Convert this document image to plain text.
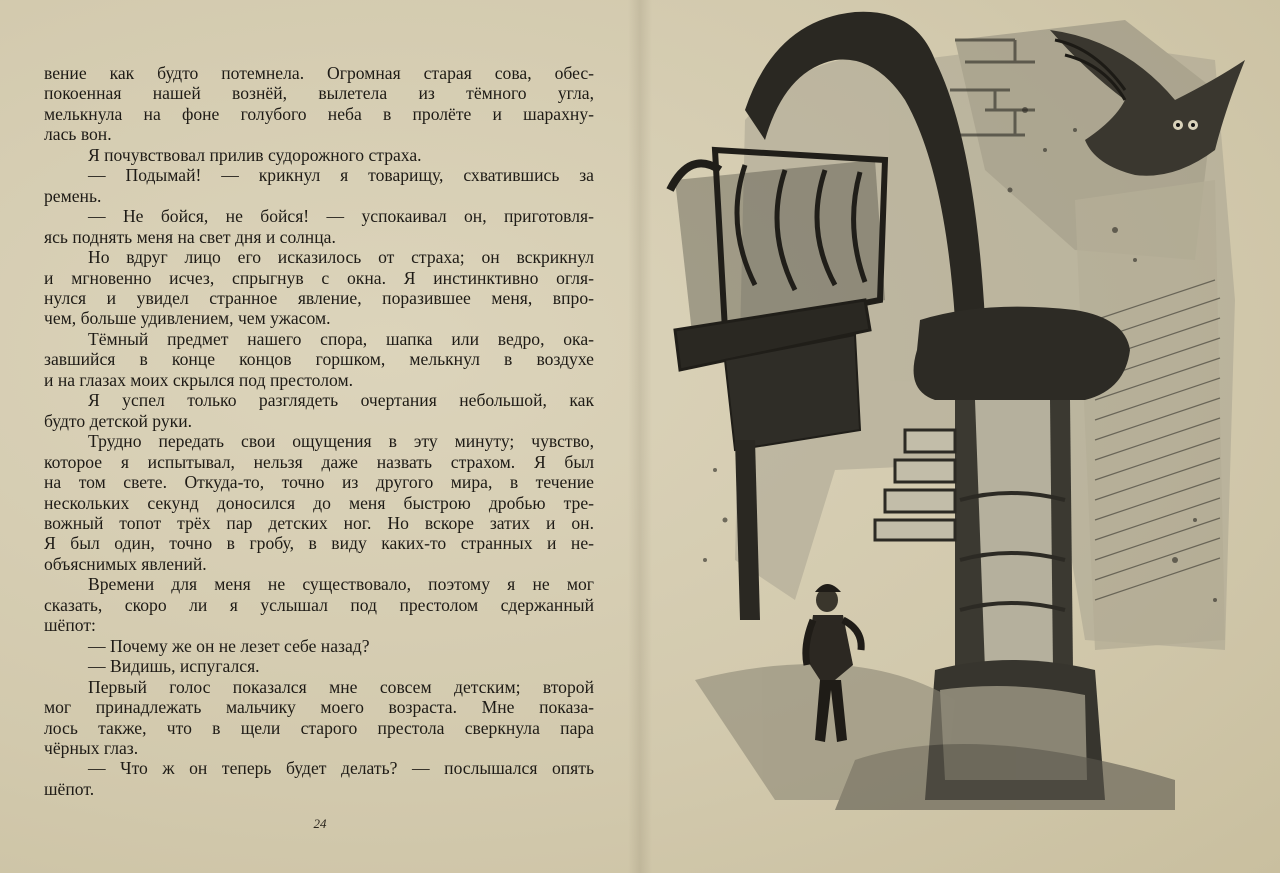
вение как будто потемнела. Огромная старая сова, обес-

покоенная нашей вознёй, вылетела из тёмного угла,

мелькнула на фоне голубого неба в пролёте и шарахну-

лась вон.

Я почувствовал прилив судорожного страха.

— Подымай! — крикнул я товарищу, схватившись за

ремень.

— Не бойся, не бойся! — успокаивал он, приготовля-

ясь поднять меня на свет дня и солнца.

Но вдруг лицо его исказилось от страха; он вскрикнул

и мгновенно исчез, спрыгнув с окна. Я инстинктивно огля-

нулся и увидел странное явление, поразившее меня, впро-

чем, больше удивлением, чем ужасом.

Тёмный предмет нашего спора, шапка или ведро, ока-

завшийся в конце концов горшком, мелькнул в воздухе

и на глазах моих скрылся под престолом.

Я успел только разглядеть очертания небольшой, как

будто детской руки.

Трудно передать свои ощущения в эту минуту; чувство,

которое я испытывал, нельзя даже назвать страхом. Я был

на том свете. Откуда-то, точно из другого мира, в течение

нескольких секунд доносился до меня быстрою дробью тре-

вожный топот трёх пар детских ног. Но вскоре затих и он.

Я был один, точно в гробу, в виду каких-то странных и не-

объяснимых явлений.

Времени для меня не существовало, поэтому я не мог

сказать, скоро ли я услышал под престолом сдержанный

шёпот:

— Почему же он не лезет себе назад?

— Видишь, испугался.

Первый голос показался мне совсем детским; второй

мог принадлежать мальчику моего возраста. Мне показа-

лось также, что в щели старого престола сверкнула пара

чёрных глаз.

— Что ж он теперь будет делать? — послышался опять

шёпот.

24
